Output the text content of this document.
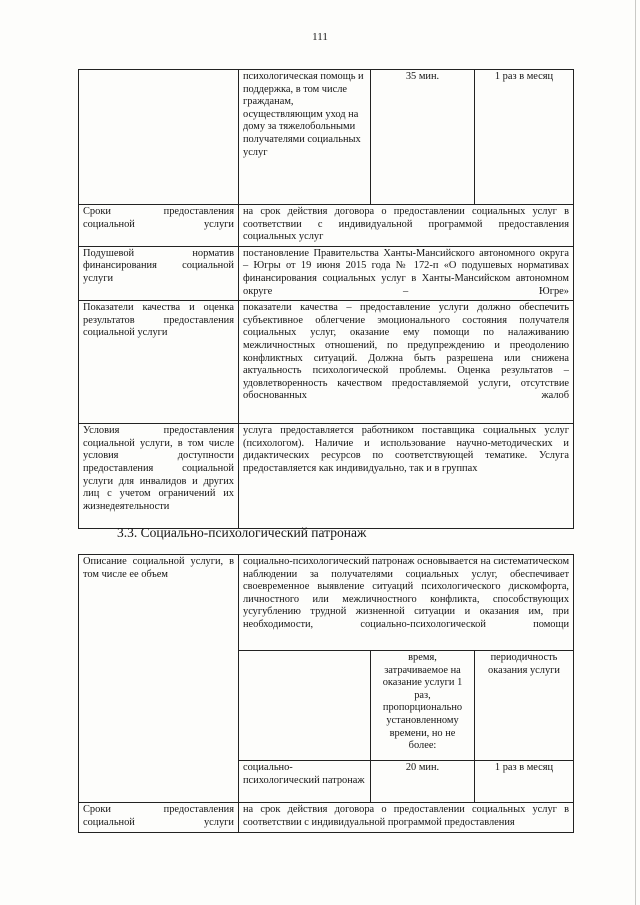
111
	психологическая помощь и поддержка, в том числе гражданам, осуществляющим уход на дому за тяжелобольными получателями социальных услуг	35 мин.	1 раз в месяц
Сроки предоставления социальной услуги	на срок действия договора о предоставлении социальных услуг в соответствии с индивидуальной программой предоставления социальных услуг		
Подушевой норматив финансирования социальной услуги	постановление Правительства Ханты-Мансийского автономного округа – Югры от 19 июня 2015 года № 172-п «О подушевых нормативах финансирования социальных услуг в Ханты-Мансийском автономном округе – Югре»		
Показатели качества и оценка результатов предоставления социальной услуги	показатели качества – предоставление услуги должно обеспечить субъективное облегчение эмоционального состояния получателя социальных услуг, оказание ему помощи по налаживанию межличностных отношений, по предупреждению и преодолению конфликтных ситуаций. Должна быть разрешена или снижена актуальность психологической проблемы. Оценка результатов – удовлетворенность качеством предоставляемой услуги, отсутствие обоснованных жалоб		
Условия предоставления социальной услуги, в том числе условия доступности предоставления социальной услуги для инвалидов и других лиц с учетом ограничений их жизнедеятельности	услуга предоставляется работником поставщика социальных услуг (психологом). Наличие и использование научно-методических и дидактических ресурсов по соответствующей тематике. Услуга предоставляется как индивидуально, так и в группах		
3.3. Социально-психологический патронаж
Описание социальной услуги, в том числе ее объем	социально-психологический патронаж основывается на систематическом наблюдении за получателями социальных услуг, обеспечивает своевременное выявление ситуаций психологического дискомфорта, личностного или межличностного конфликта, способствующих усугублению трудной жизненной ситуации и оказания им, при необходимости, социально-психологической помощи		
		время, затрачиваемое на оказание услуги 1 раз, пропорционально установленному времени, но не более:	периодичность оказания услуги
	социально-психологический патронаж	20 мин.	1 раз в месяц
Сроки предоставления социальной услуги	на срок действия договора о предоставлении социальных услуг в соответствии с индивидуальной программой предоставления		
